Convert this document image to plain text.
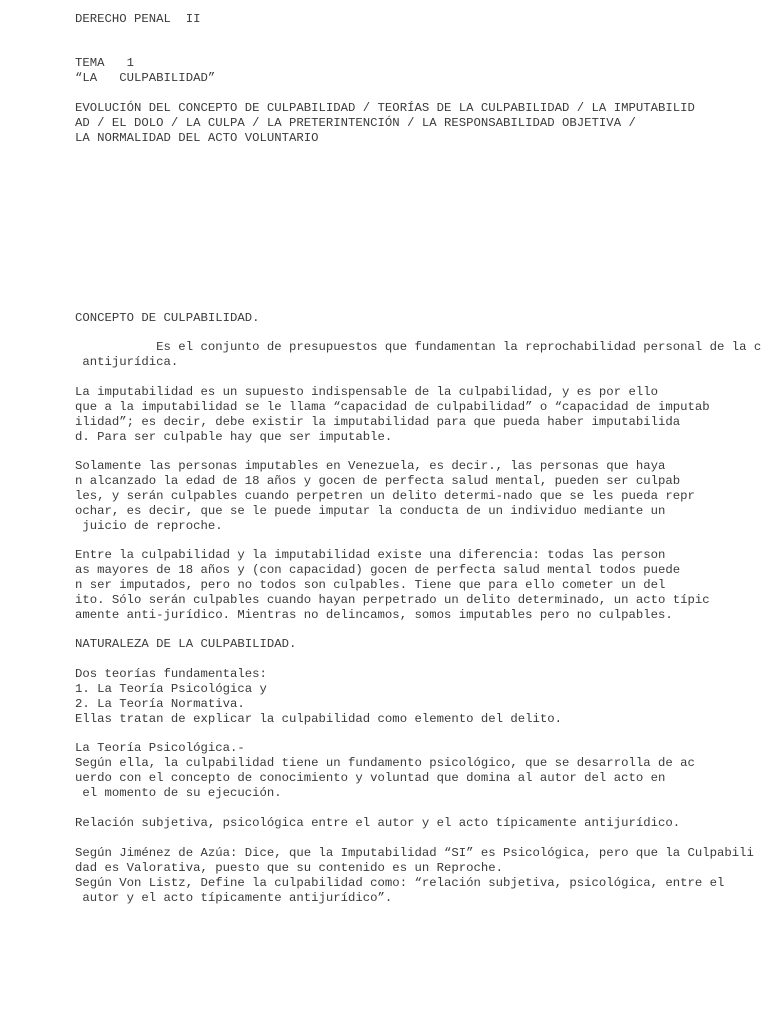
DERECHO PENAL  II
TEMA   1
“LA   CULPABILIDAD”
EVOLUCIÓN DEL CONCEPTO DE CULPABILIDAD / TEORÍAS DE LA CULPABILIDAD / LA IMPUTABILID
AD / EL DOLO / LA CULPA / LA PRETERINTENCIÓN / LA RESPONSABILIDAD OBJETIVA /
LA NORMALIDAD DEL ACTO VOLUNTARIO
CONCEPTO DE CULPABILIDAD.
Es el conjunto de presupuestos que fundamentan la reprochabilidad personal de la c
antijurídica.
La imputabilidad es un supuesto indispensable de la culpabilidad, y es por ello
que a la imputabilidad se le llama “capacidad de culpabilidad” o “capacidad de imputab
ilidad”; es decir, debe existir la imputabilidad para que pueda haber imputabilida
d. Para ser culpable hay que ser imputable.
Solamente las personas imputables en Venezuela, es decir., las personas que haya
n alcanzado la edad de 18 años y gocen de perfecta salud mental, pueden ser culpab
les, y serán culpables cuando perpetren un delito determi-nado que se les pueda repr
ochar, es decir, que se le puede imputar la conducta de un individuo mediante un
juicio de reproche.
Entre la culpabilidad y la imputabilidad existe una diferencia: todas las person
as mayores de 18 años y (con capacidad) gocen de perfecta salud mental todos puede
n ser imputados, pero no todos son culpables. Tiene que para ello cometer un del
ito. Sólo serán culpables cuando hayan perpetrado un delito determinado, un acto típic
amente anti-jurídico. Mientras no delincamos, somos imputables pero no culpables.
NATURALEZA DE LA CULPABILIDAD.
Dos teorías fundamentales:
1. La Teoría Psicológica y
2. La Teoría Normativa.
Ellas tratan de explicar la culpabilidad como elemento del delito.
La Teoría Psicológica.-
Según ella, la culpabilidad tiene un fundamento psicológico, que se desarrolla de ac
uerdo con el concepto de conocimiento y voluntad que domina al autor del acto en
el momento de su ejecución.
Relación subjetiva, psicológica entre el autor y el acto típicamente antijurídico.
Según Jiménez de Azúa: Dice, que la Imputabilidad “SI” es Psicológica, pero que la Culpabili
dad es Valorativa, puesto que su contenido es un Reproche.
Según Von Listz, Define la culpabilidad como: “relación subjetiva, psicológica, entre el
autor y el acto típicamente antijurídico”.
